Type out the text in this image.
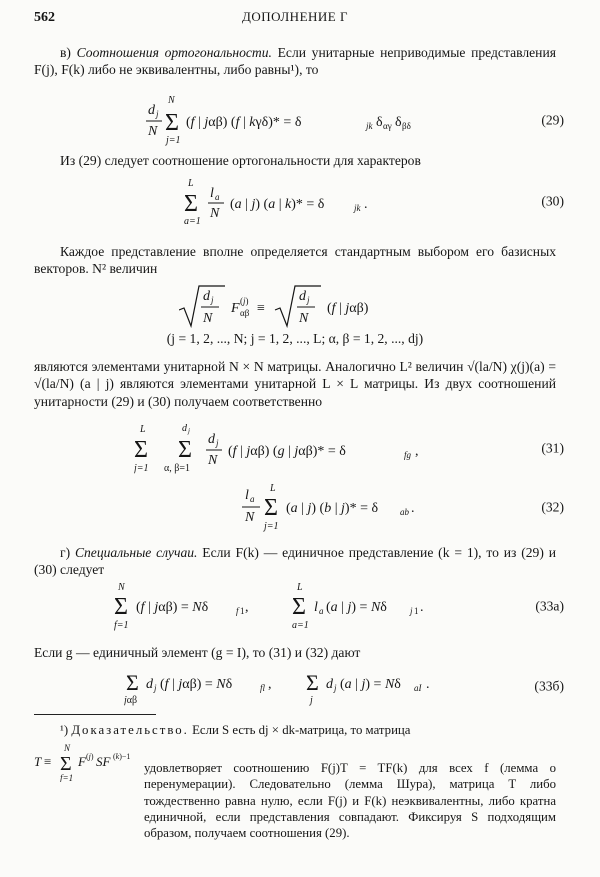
562	ДОПОЛНЕНИЕ Г
в) Соотношения ортогональности. Если унитарные неприводимые представления F(j), F(k) либо не эквивалентны, либо равны¹), то
d j
N
N
Σ
j=1
(f | jαβ) (f | kγδ)* = δ	jk δ αγ δ βδ	(29)
Из (29) следует соотношение ортогональности для характеров
L
Σ
a=1
l a
N
(a | j) (a | k)* = δ	jk .	(30)
Каждое представление вполне определяется стандартным выбором его базисных векторов. N² величин
d j
N
F (j)
αβ ≡
d j
N
(f | jαβ)
(j = 1, 2, ..., N; j = 1, 2, ..., L; α, β = 1, 2, ..., dj)
являются элементами унитарной N × N матрицы. Аналогично L² величин √(la/N) χ(j)(a) = √(la/N) (a | j) являются элементами унитарной L × L матрицы. Из двух соотношений унитарности (29) и (30) получаем соответственно
L
Σ
j=1
d j
Σ
α, β=1
d j
N
(f | jαβ) (g | jαβ)* = δ	fg ,	(31)
l a
N
L
Σ
j=1
(a | j) (b | j)* = δ ab .	(32)
г) Специальные случаи. Если F(k) — единичное представление (k = 1), то из (29) и (30) следует
N
Σ
f=1
(f | jαβ) = Nδ	f 1 ,
L
Σ
a=1
l a (a | j) = Nδ	j 1 .	(33а)
Если g — единичный элемент (g = I), то (31) и (32) дают
Σ
jαβ
d j (f | jαβ) = Nδ	fl , Σ
j
d j (a | j) = Nδ aI .	(33б)
¹) Доказательство. Если S есть dj × dk-матрица, то матрица
T ≡
N
Σ
f=1
F (j) SF (k)−1

удовлетворяет соотношению F(j)T = TF(k) для всех f (лемма о перенумерации). Следовательно (лемма Шура), матрица T либо тождественно равна нулю, если F(j) и F(k) неэквивалентны, либо кратна единичной, если представления совпадают. Фиксируя S подходящим образом, получаем соотношения (29).
